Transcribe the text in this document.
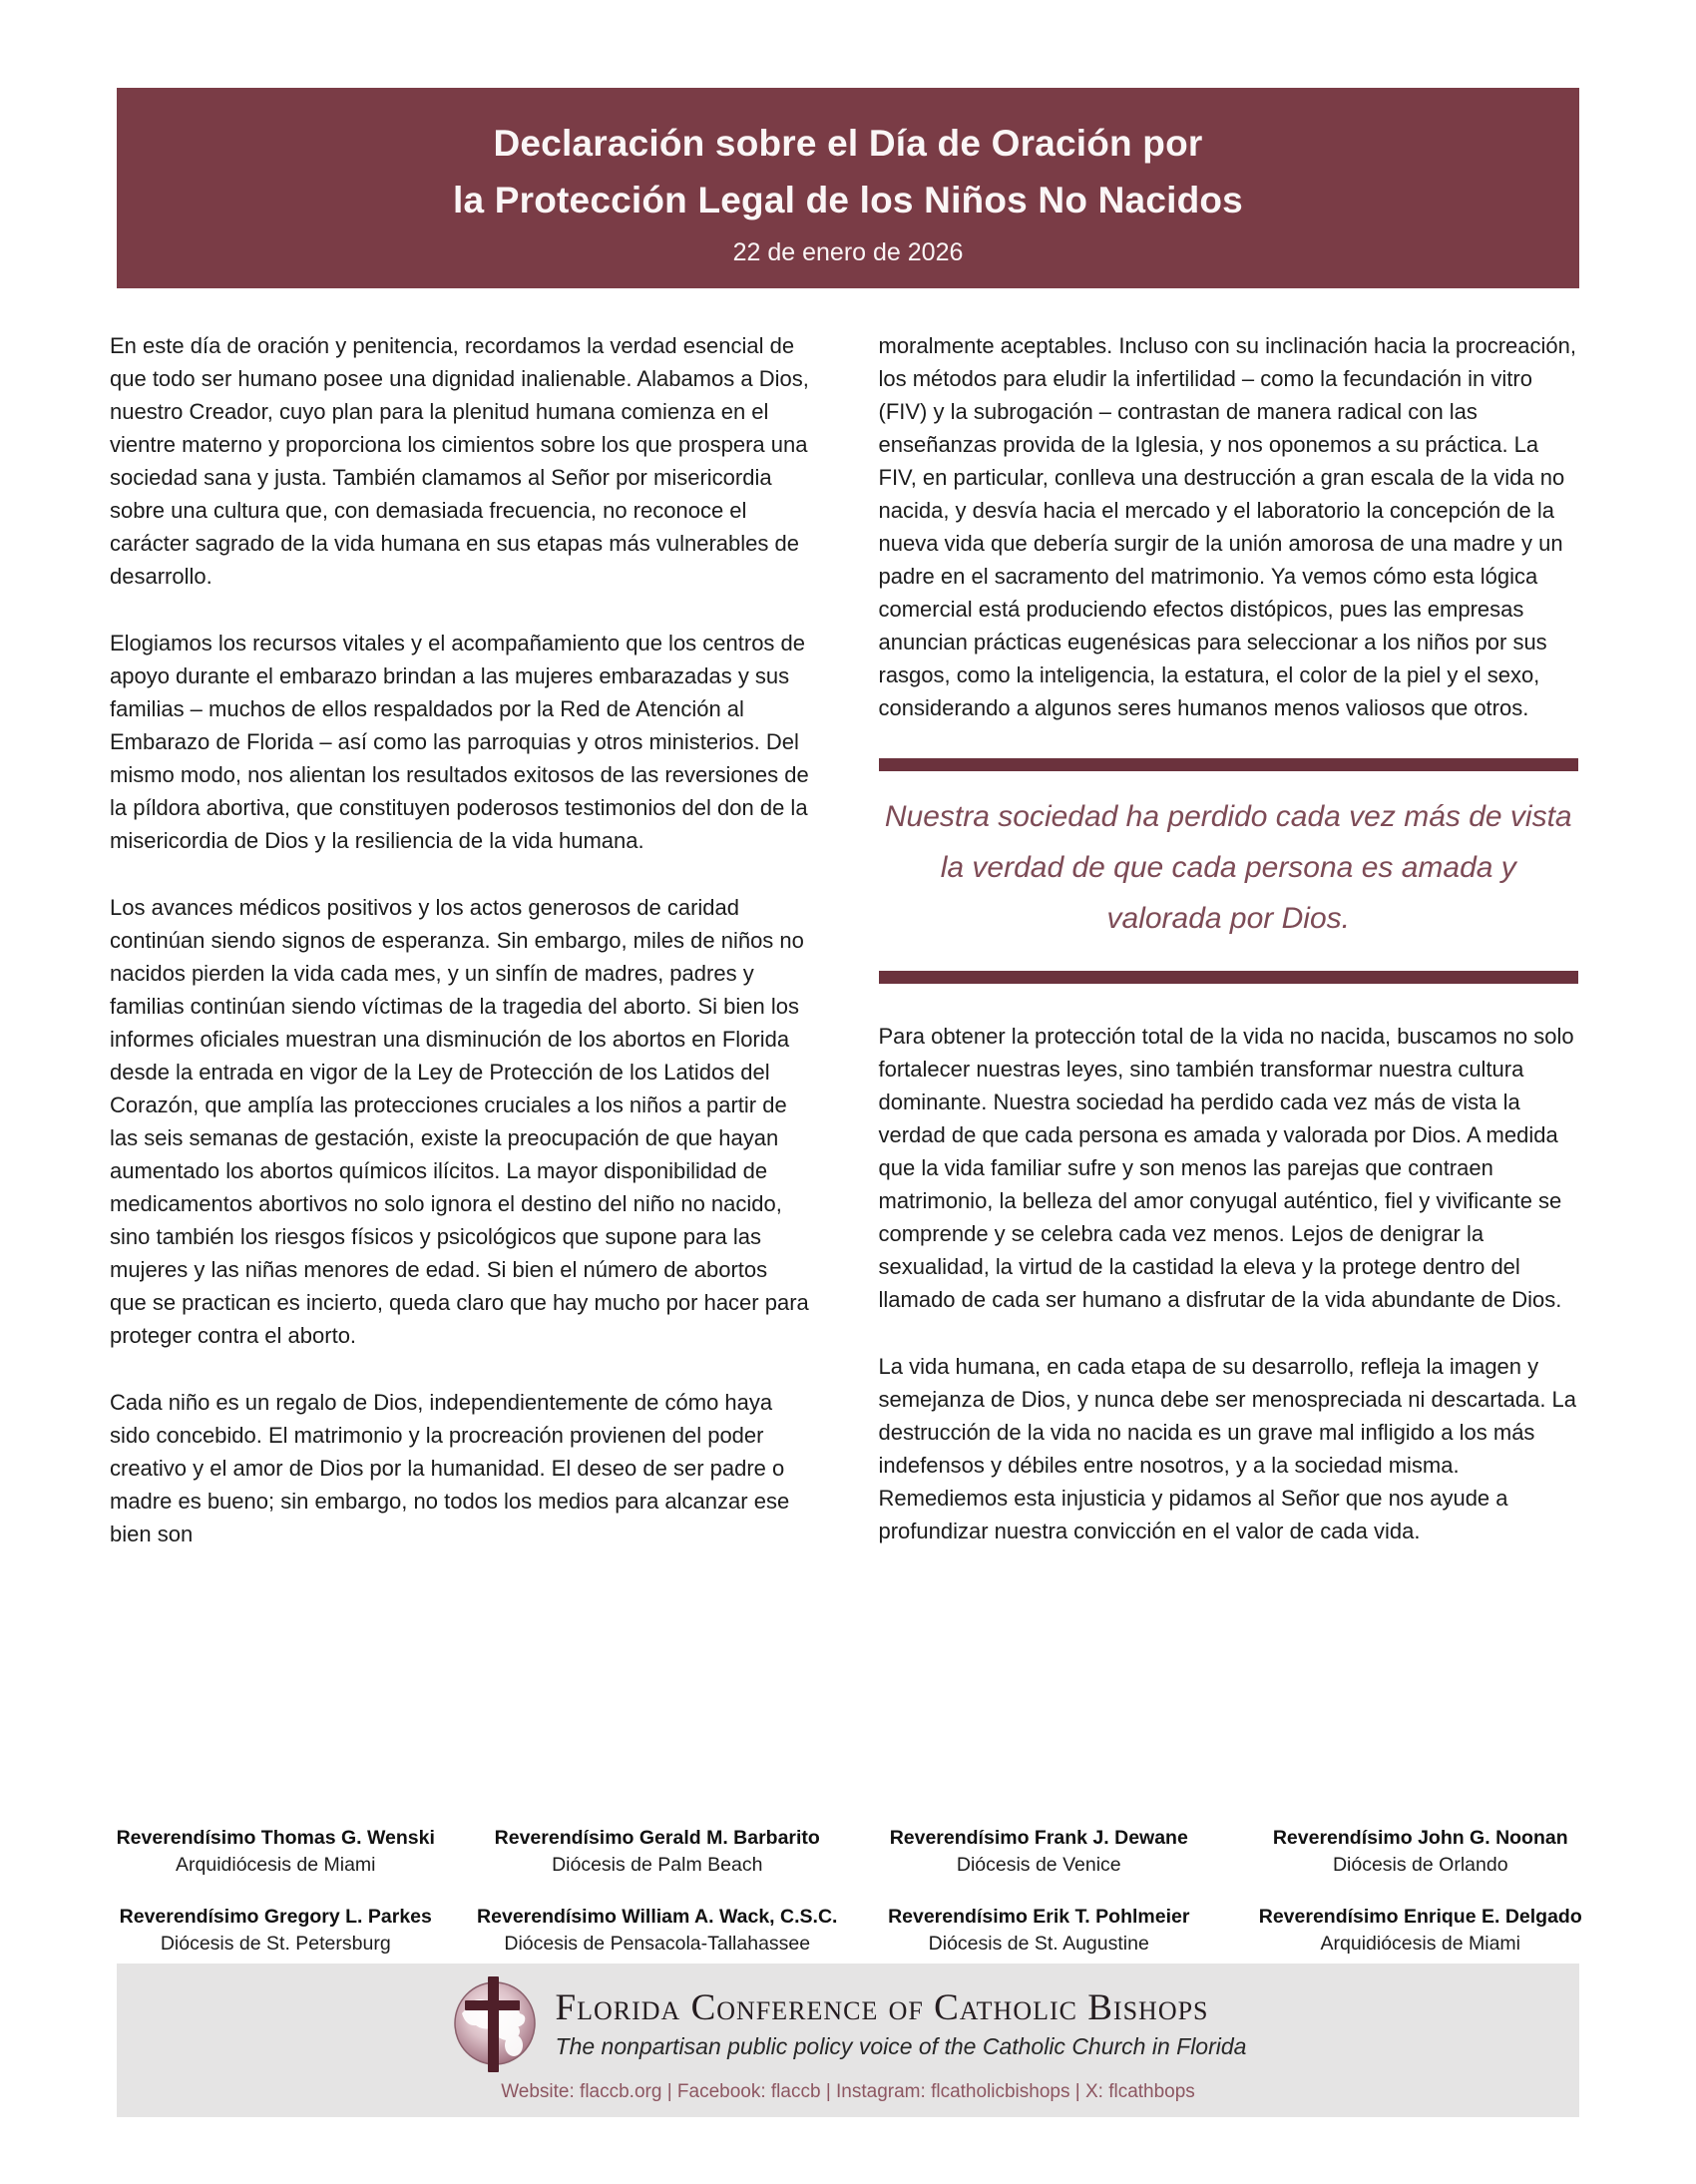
Declaración sobre el Día de Oración por
la Protección Legal de los Niños No Nacidos
22 de enero de 2026

En este día de oración y penitencia, recordamos la verdad esencial de que todo ser humano posee una dignidad inalienable. Alabamos a Dios, nuestro Creador, cuyo plan para la plenitud humana comienza en el vientre materno y proporciona los cimientos sobre los que prospera una sociedad sana y justa. También clamamos al Señor por misericordia sobre una cultura que, con demasiada frecuencia, no reconoce el carácter sagrado de la vida humana en sus etapas más vulnerables de desarrollo.

Elogiamos los recursos vitales y el acompañamiento que los centros de apoyo durante el embarazo brindan a las mujeres embarazadas y sus familias – muchos de ellos respaldados por la Red de Atención al Embarazo de Florida – así como las parroquias y otros ministerios. Del mismo modo, nos alientan los resultados exitosos de las reversiones de la píldora abortiva, que constituyen poderosos testimonios del don de la misericordia de Dios y la resiliencia de la vida humana.

Los avances médicos positivos y los actos generosos de caridad continúan siendo signos de esperanza. Sin embargo, miles de niños no nacidos pierden la vida cada mes, y un sinfín de madres, padres y familias continúan siendo víctimas de la tragedia del aborto. Si bien los informes oficiales muestran una disminución de los abortos en Florida desde la entrada en vigor de la Ley de Protección de los Latidos del Corazón, que amplía las protecciones cruciales a los niños a partir de las seis semanas de gestación, existe la preocupación de que hayan aumentado los abortos químicos ilícitos. La mayor disponibilidad de medicamentos abortivos no solo ignora el destino del niño no nacido, sino también los riesgos físicos y psicológicos que supone para las mujeres y las niñas menores de edad. Si bien el número de abortos que se practican es incierto, queda claro que hay mucho por hacer para proteger contra el aborto.

Cada niño es un regalo de Dios, independientemente de cómo haya sido concebido. El matrimonio y la procreación provienen del poder creativo y el amor de Dios por la humanidad. El deseo de ser padre o madre es bueno; sin embargo, no todos los medios para alcanzar ese bien son

moralmente aceptables. Incluso con su inclinación hacia la procreación, los métodos para eludir la infertilidad – como la fecundación in vitro (FIV) y la subrogación – contrastan de manera radical con las enseñanzas provida de la Iglesia, y nos oponemos a su práctica. La FIV, en particular, conlleva una destrucción a gran escala de la vida no nacida, y desvía hacia el mercado y el laboratorio la concepción de la nueva vida que debería surgir de la unión amorosa de una madre y un padre en el sacramento del matrimonio. Ya vemos cómo esta lógica comercial está produciendo efectos distópicos, pues las empresas anuncian prácticas eugenésicas para seleccionar a los niños por sus rasgos, como la inteligencia, la estatura, el color de la piel y el sexo, considerando a algunos seres humanos menos valiosos que otros.

Nuestra sociedad ha perdido cada vez más de vista la verdad de que cada persona es amada y valorada por Dios.

Para obtener la protección total de la vida no nacida, buscamos no solo fortalecer nuestras leyes, sino también transformar nuestra cultura dominante. Nuestra sociedad ha perdido cada vez más de vista la verdad de que cada persona es amada y valorada por Dios. A medida que la vida familiar sufre y son menos las parejas que contraen matrimonio, la belleza del amor conyugal auténtico, fiel y vivificante se comprende y se celebra cada vez menos. Lejos de denigrar la sexualidad, la virtud de la castidad la eleva y la protege dentro del llamado de cada ser humano a disfrutar de la vida abundante de Dios.

La vida humana, en cada etapa de su desarrollo, refleja la imagen y semejanza de Dios, y nunca debe ser menospreciada ni descartada. La destrucción de la vida no nacida es un grave mal infligido a los más indefensos y débiles entre nosotros, y a la sociedad misma. Remediemos esta injusticia y pidamos al Señor que nos ayude a profundizar nuestra convicción en el valor de cada vida.

Reverendísimo Thomas G. Wenski
Arquidiócesis de Miami
Reverendísimo Gerald M. Barbarito
Diócesis de Palm Beach
Reverendísimo Frank J. Dewane
Diócesis de Venice
Reverendísimo John G. Noonan
Diócesis de Orlando
Reverendísimo Gregory L. Parkes
Diócesis de St. Petersburg
Reverendísimo William A. Wack, C.S.C.
Diócesis de Pensacola-Tallahassee
Reverendísimo Erik T. Pohlmeier
Diócesis de St. Augustine
Reverendísimo Enrique E. Delgado
Arquidiócesis de Miami
Florida Conference of Catholic Bishops
The nonpartisan public policy voice of the Catholic Church in Florida
Website: flaccb.org | Facebook: flaccb | Instagram: flcatholicbishops | X: flcathbops
